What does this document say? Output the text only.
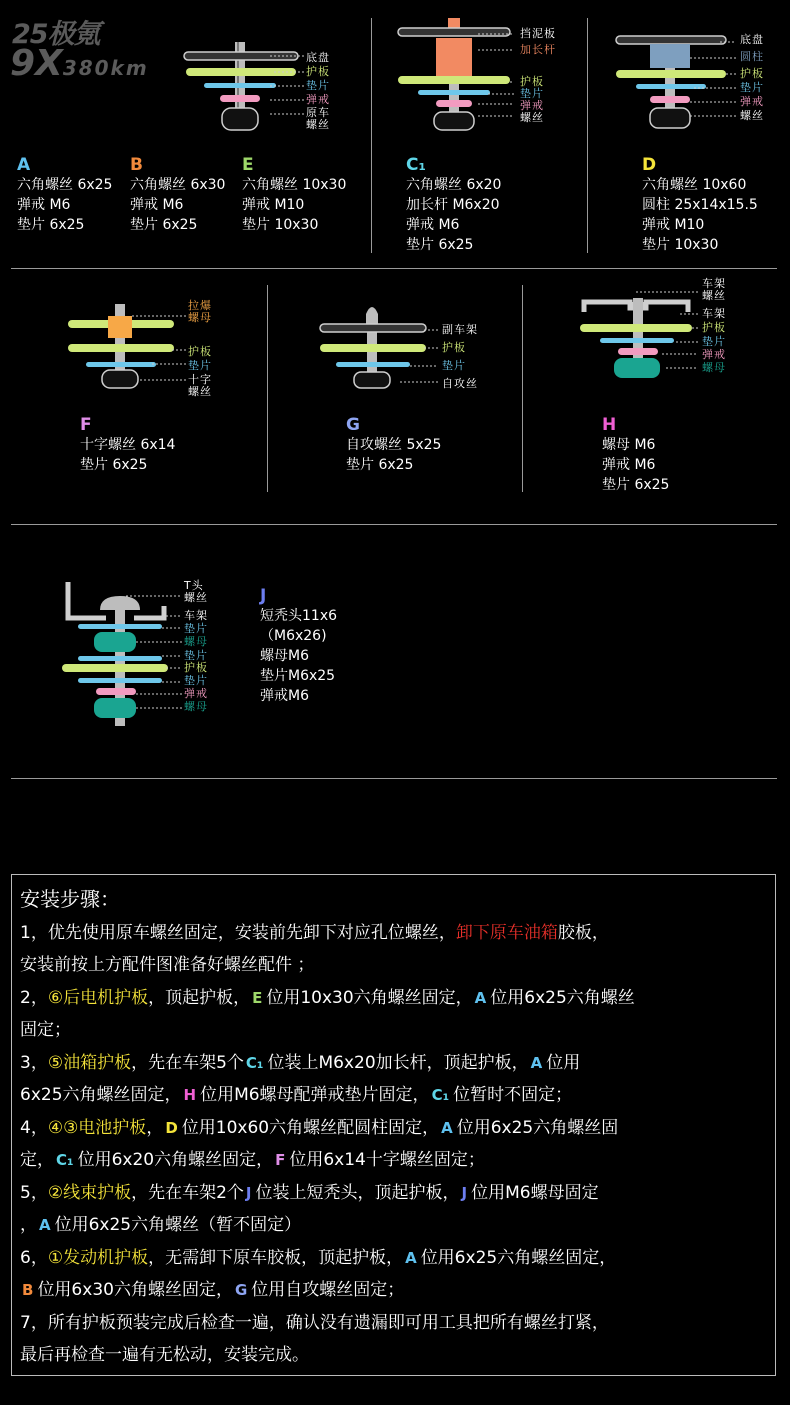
25极氪
9X380km	底盘
护板
垫片
弹戒
原车
螺丝
A
六角螺丝 6x25
弹戒 M6
垫片 6x25
B
六角螺丝 6x30
弹戒 M6
垫片 6x25
E
六角螺丝 10x30
弹戒 M10
垫片 10x30
挡泥板
加长杆
护板
垫片
弹戒
螺丝
C₁
六角螺丝 6x20
加长杆 M6x20
弹戒 M6
垫片 6x25
底盘
圆柱
护板
垫片
弹戒
螺丝
D
六角螺丝 10x60
圆柱 25x14x15.5
弹戒 M10
垫片 10x30
拉爆
螺母
护板
垫片
十字
螺丝
F
十字螺丝 6x14
垫片 6x25
副车架
护板
垫片
自攻丝
G
自攻螺丝 5x25
垫片 6x25
车架
螺丝
车架
护板
垫片
弹戒
螺母
H
螺母 M6
弹戒 M6
垫片 6x25
T头
螺丝
车架
垫片
螺母
垫片
护板
垫片
弹戒
螺母
J
短秃头11x6
（M6x26)
螺母M6
垫片M6x25
弹戒M6
安装步骤：
1，优先使用原车螺丝固定，安装前先卸下对应孔位螺丝，卸下原车油箱胶板，
安装前按上方配件图准备好螺丝配件 ；
2，⑥后电机护板，顶起护板， E 位用10x30六角螺丝固定， A 位用6x25六角螺丝
固定；
3，⑤油箱护板，先在车架5个 C₁ 位装上M6x20加长杆，顶起护板， A 位用
6x25六角螺丝固定， H 位用M6螺母配弹戒垫片固定， C₁ 位暂时不固定；
4，④③电池护板， D 位用10x60六角螺丝配圆柱固定， A 位用6x25六角螺丝固
定， C₁ 位用6x20六角螺丝固定， F 位用6x14十字螺丝固定；
5，②线束护板，先在车架2个 J 位装上短秃头，顶起护板， J 位用M6螺母固定
， A 位用6x25六角螺丝（暂不固定）
6，①发动机护板，无需卸下原车胶板，顶起护板， A 位用6x25六角螺丝固定，
B 位用6x30六角螺丝固定， G 位用自攻螺丝固定；
7，所有护板预装完成后检查一遍，确认没有遗漏即可用工具把所有螺丝打紧，
最后再检查一遍有无松动，安装完成。
